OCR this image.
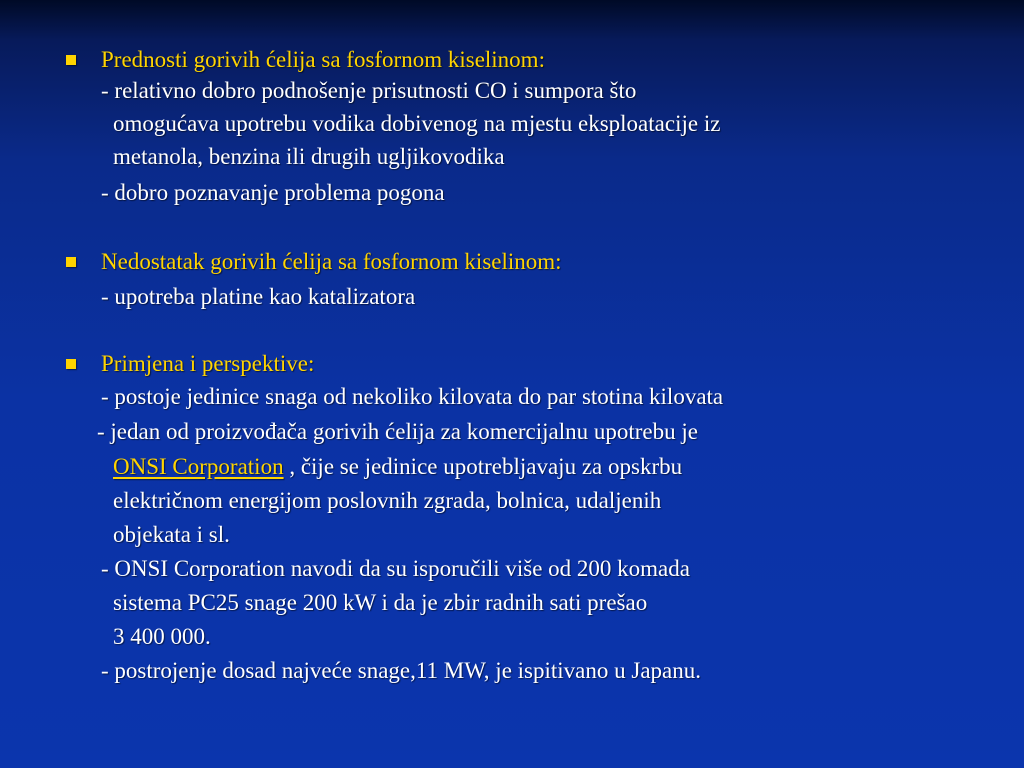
Prednosti gorivih ćelija sa fosfornom kiselinom:
- relativno dobro podnošenje prisutnosti CO i sumpora što
omogućava upotrebu vodika dobivenog na mjestu eksploatacije iz
metanola, benzina ili drugih ugljikovodika
- dobro poznavanje problema pogona
Nedostatak gorivih ćelija sa fosfornom kiselinom:
- upotreba platine kao katalizatora
Primjena i perspektive:
- postoje jedinice snaga od nekoliko kilovata do par stotina kilovata
- jedan od proizvođača gorivih ćelija za komercijalnu upotrebu je
ONSI Corporation , čije se jedinice upotrebljavaju za opskrbu
električnom energijom poslovnih zgrada, bolnica, udaljenih
objekata i sl.
- ONSI Corporation navodi da su isporučili više od 200 komada
sistema PC25 snage 200 kW i da je zbir radnih sati prešao
3 400 000.
- postrojenje dosad najveće snage,11 MW, je ispitivano u Japanu.
